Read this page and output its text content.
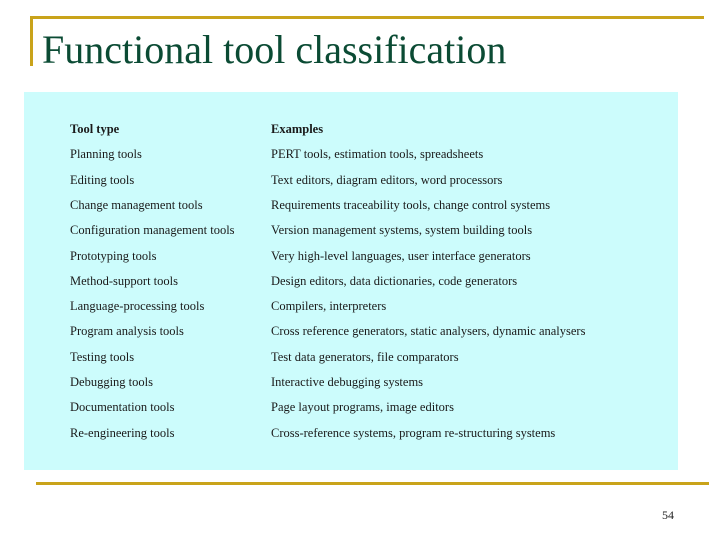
Functional tool classification
Tool type	Examples
Planning tools	PERT tools, estimation tools, spreadsheets
Editing tools	Text editors, diagram editors, word processors
Change management tools	Requirements traceability tools, change control systems
Configuration management tools	Version management systems, system building tools
Prototyping tools	Very high-level languages, user interface generators
Method-support tools	Design editors, data dictionaries, code generators
Language-processing tools	Compilers, interpreters
Program analysis tools	Cross reference generators, static analysers, dynamic analysers
Testing tools	Test data generators, file comparators
Debugging tools	Interactive debugging systems
Documentation tools	Page layout programs, image editors
Re-engineering tools	Cross-reference systems, program re-structuring systems
54
